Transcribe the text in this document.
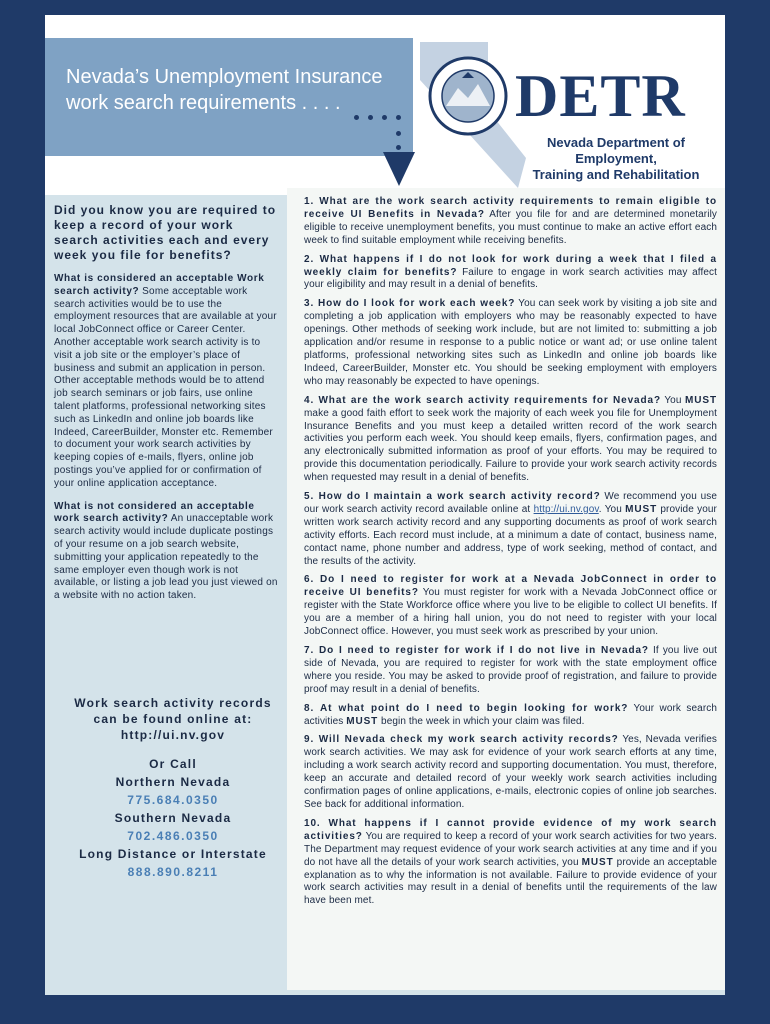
Nevada’s Unemployment Insurance
work search requirements . . . .	DETR
Nevada Department of Employment,
Training and Rehabilitation
Did you know you are required to keep a record of your work search activities each and every week you file for benefits?

What is considered an acceptable Work search activity? Some acceptable work search activities would be to use the employment resources that are available at your local JobConnect office or Career Center. Another acceptable work search activity is to visit a job site or the employer’s place of business and submit an application in person. Other acceptable methods would be to attend job search seminars or job fairs, use online talent platforms, professional networking sites such as LinkedIn and online job boards like Indeed, CareerBuilder, Monster etc. Remember to document your work search activities by keeping copies of e-mails, flyers, online job postings you’ve applied for or confirmation of your online application acceptance.

What is not considered an acceptable work search activity? An unacceptable work search activity would include duplicate postings of your resume on a job search website, submitting your application repeatedly to the same employer even though work is not available, or listing a job lead you just viewed on a website with no action taken.

Work search activity records
can be found online at:
http://ui.nv.gov
Or Call
Northern Nevada
775.684.0350
Southern Nevada
702.486.0350
Long Distance or Interstate
888.890.8211

1. What are the work search activity requirements to remain eligible to receive UI Benefits in Nevada? After you file for and are determined monetarily eligible to receive unemployment benefits, you must continue to make an active effort each week to find suitable employment while receiving benefits.

2. What happens if I do not look for work during a week that I filed a weekly claim for benefits? Failure to engage in work search activities may affect your eligibility and may result in a denial of benefits.

3. How do I look for work each week? You can seek work by visiting a job site and completing a job application with employers who may be reasonably expected to have openings. Other methods of seeking work include, but are not limited to: submitting a job application and/or resume in response to a public notice or want ad; or use online talent platforms, professional networking sites such as LinkedIn and online job boards like Indeed, CareerBuilder, Monster etc. You should be seeking employment with employers who may reasonably be expected to have openings.

4. What are the work search activity requirements for Nevada? You MUST make a good faith effort to seek work the majority of each week you file for Unemployment Insurance Benefits and you must keep a detailed written record of the work search activities you perform each week. You should keep emails, flyers, confirmation pages, and any electronically submitted information as proof of your efforts. You may be required to provide this documentation periodically. Failure to provide your work search activity records when requested may result in a denial of benefits.

5. How do I maintain a work search activity record? We recommend you use our work search activity record available online at http://ui.nv.gov. You MUST provide your written work search activity record and any supporting documents as proof of work search activity efforts. Each record must include, at a minimum a date of contact, business name, contact name, phone number and address, type of work seeking, method of contact, and the results of the activity.

6. Do I need to register for work at a Nevada JobConnect in order to receive UI benefits? You must register for work with a Nevada JobConnect office or register with the State Workforce office where you live to be eligible to collect UI benefits. If you are a member of a hiring hall union, you do not need to register with your local JobConnect office. However, you must seek work as prescribed by your union.

7. Do I need to register for work if I do not live in Nevada? If you live out side of Nevada, you are required to register for work with the state employment office where you reside. You may be asked to provide proof of registration, and failure to provide proof may result in a denial of benefits.

8. At what point do I need to begin looking for work? Your work search activities MUST begin the week in which your claim was filed.

9. Will Nevada check my work search activity records? Yes, Nevada verifies work search activities. We may ask for evidence of your work search efforts at any time, including a work search activity record and supporting documentation. You must, therefore, keep an accurate and detailed record of your weekly work search activities including confirmation pages of online applications, e-mails, electronic copies of online job searches. See back for additional information.

10. What happens if I cannot provide evidence of my work search activities? You are required to keep a record of your work search activities for two years. The Department may request evidence of your work search activities at any time and if you do not have all the details of your work search activities, you MUST provide an acceptable explanation as to why the information is not available. Failure to provide evidence of your work search activities may result in a denial of benefits until the requirements of the law have been met.
